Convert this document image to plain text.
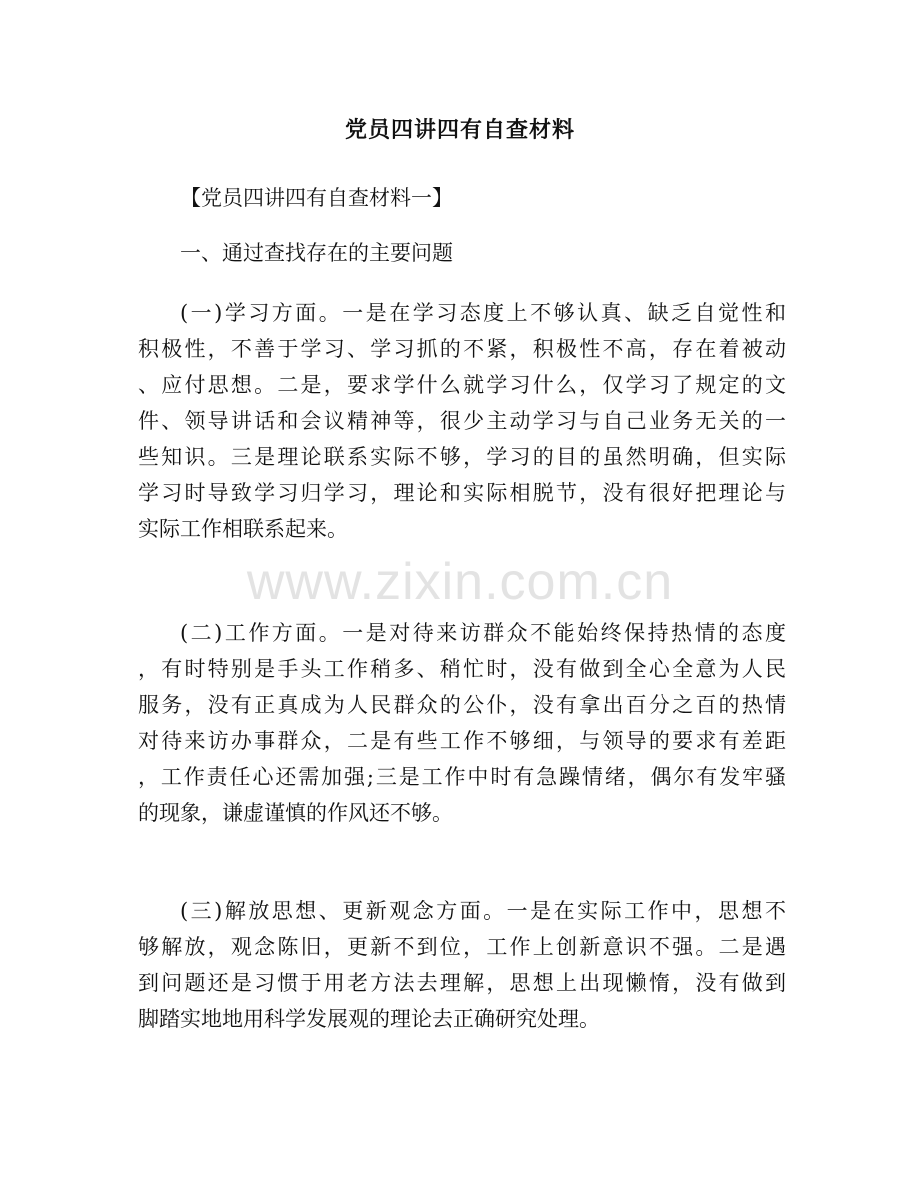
www.zixin.com.cn
党员四讲四有自查材料

【党员四讲四有自查材料一】

一、通过查找存在的主要问题

(一)学习方面。一是在学习态度上不够认真、缺乏自觉性和
积极性，不善于学习、学习抓的不紧，积极性不高，存在着被动
、应付思想。二是，要求学什么就学习什么，仅学习了规定的文
件、领导讲话和会议精神等，很少主动学习与自己业务无关的一
些知识。三是理论联系实际不够，学习的目的虽然明确，但实际
学习时导致学习归学习，理论和实际相脱节，没有很好把理论与
实际工作相联系起来。
(二)工作方面。一是对待来访群众不能始终保持热情的态度
，有时特别是手头工作稍多、稍忙时，没有做到全心全意为人民
服务，没有正真成为人民群众的公仆，没有拿出百分之百的热情
对待来访办事群众，二是有些工作不够细，与领导的要求有差距
，工作责任心还需加强;三是工作中时有急躁情绪，偶尔有发牢骚
的现象，谦虚谨慎的作风还不够。
(三)解放思想、更新观念方面。一是在实际工作中，思想不
够解放，观念陈旧，更新不到位，工作上创新意识不强。二是遇
到问题还是习惯于用老方法去理解，思想上出现懒惰，没有做到
脚踏实地地用科学发展观的理论去正确研究处理。
